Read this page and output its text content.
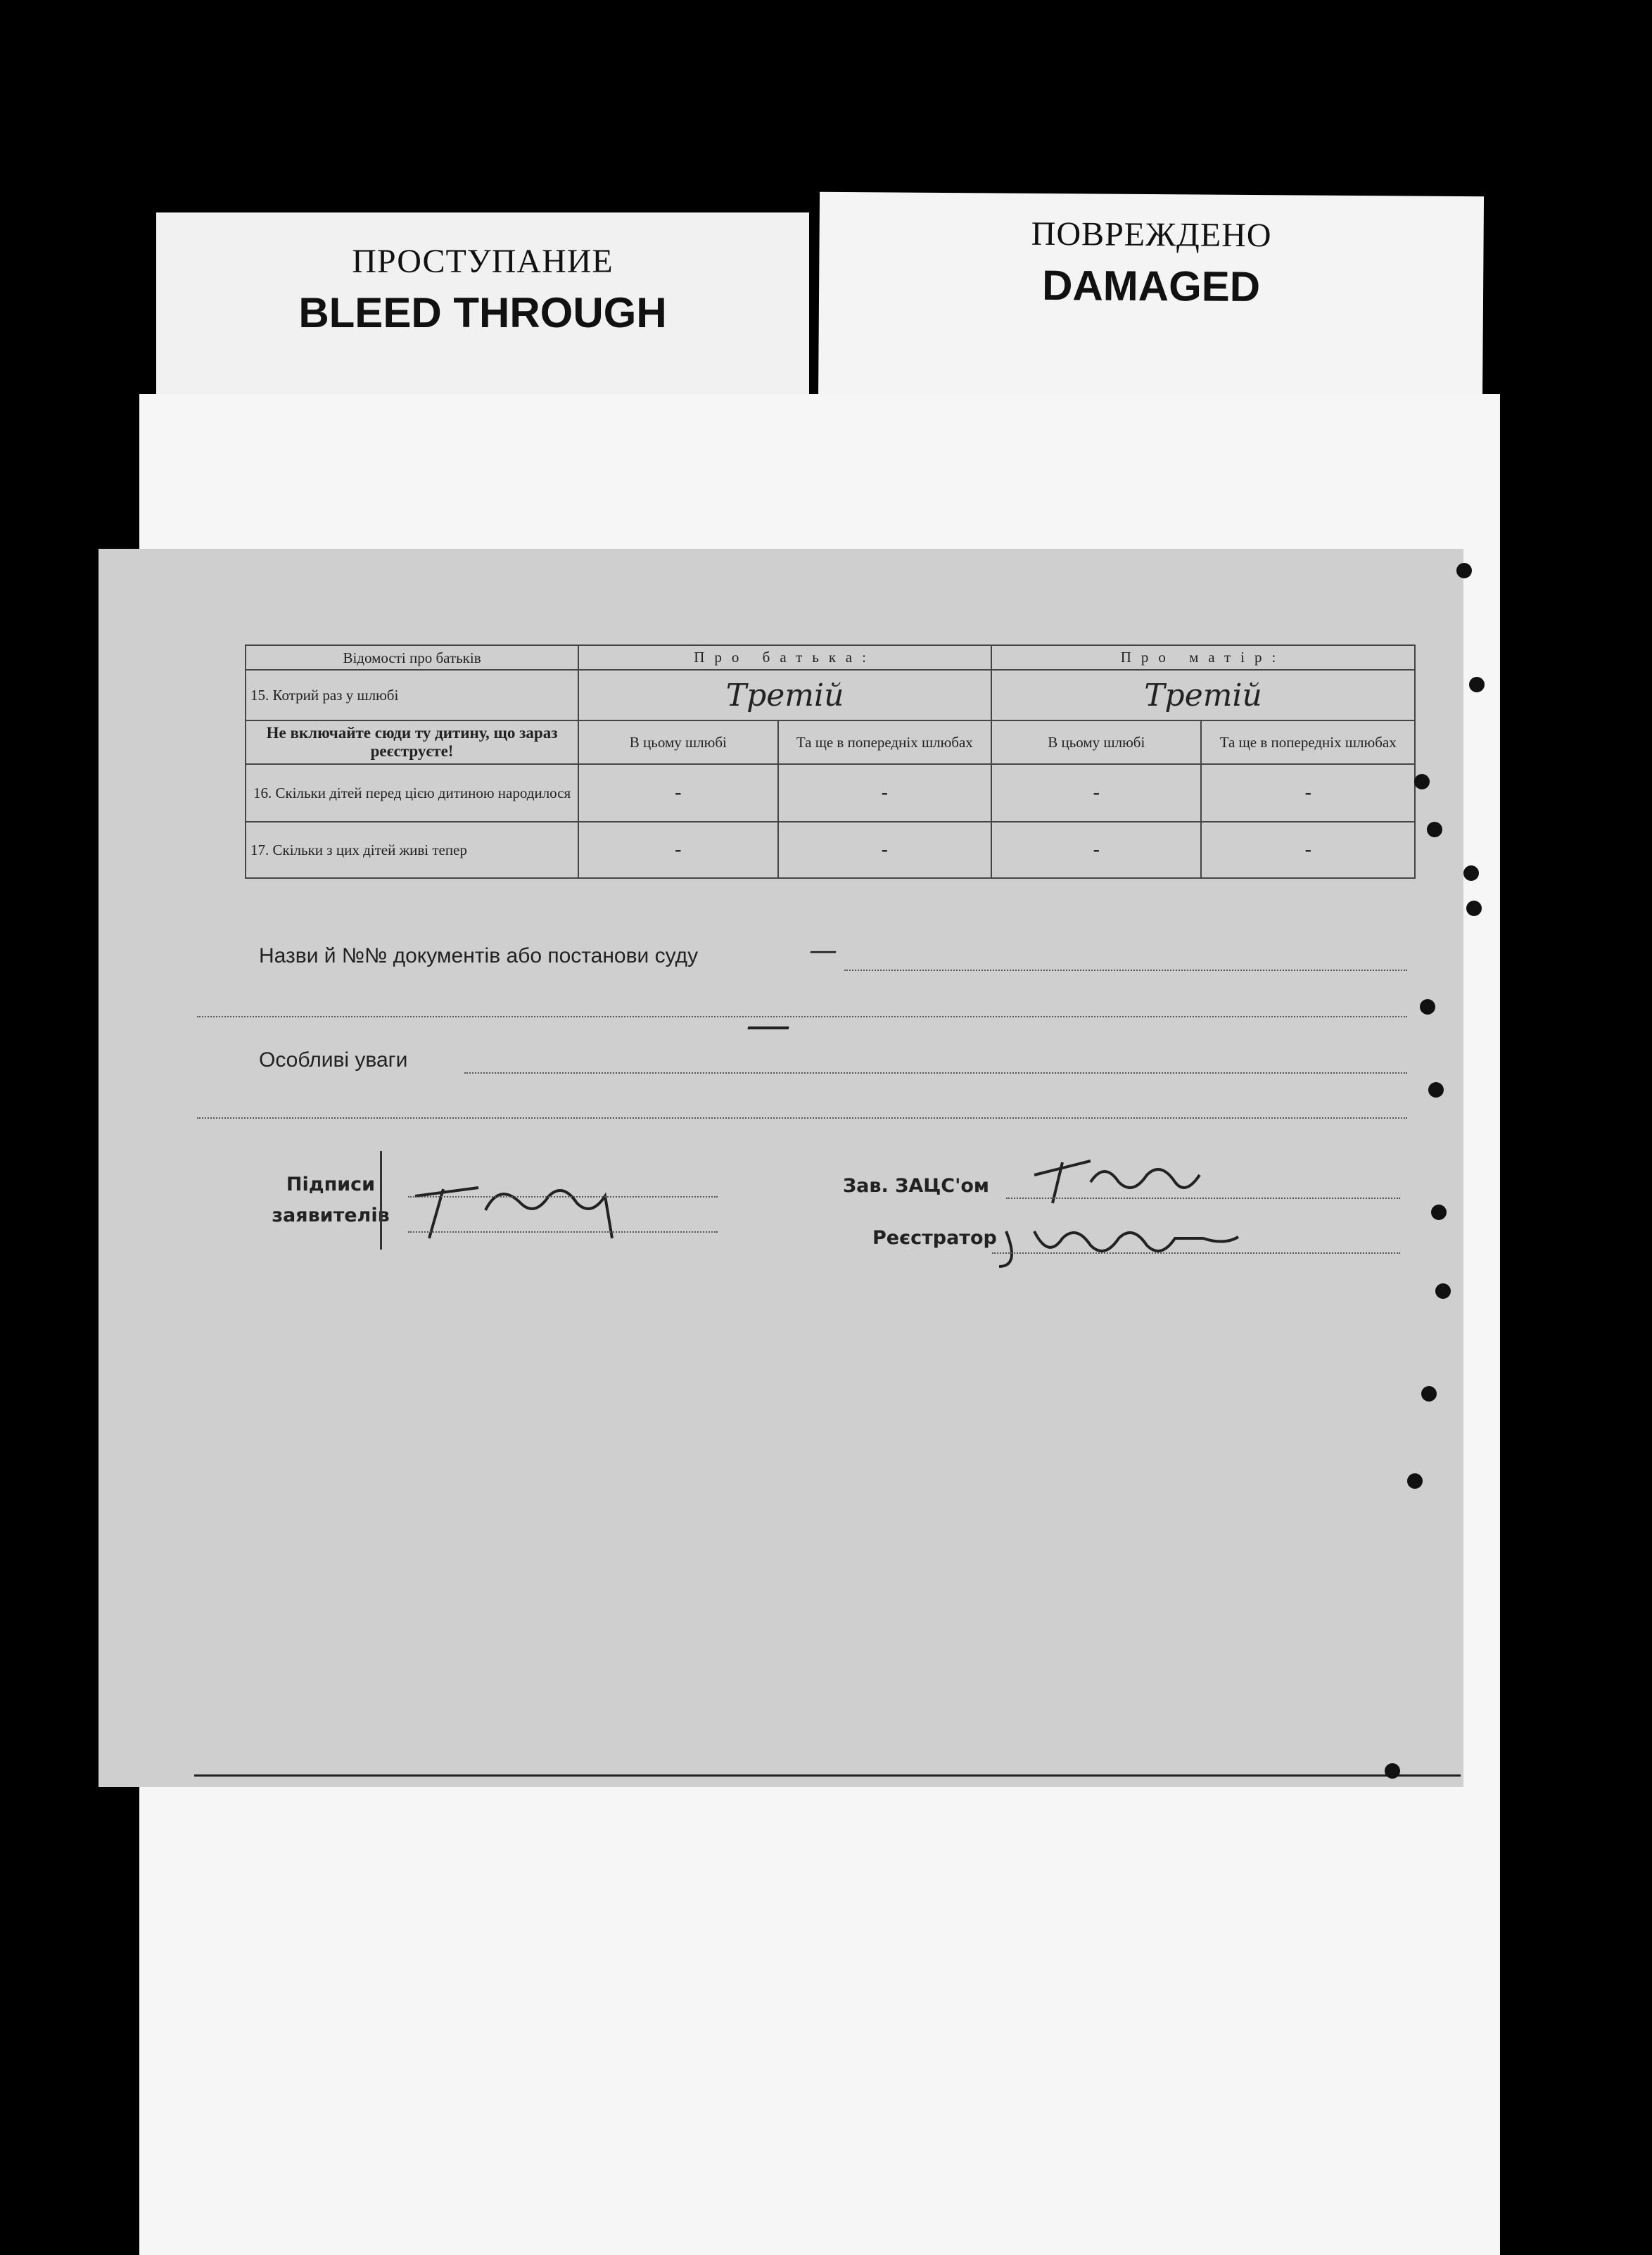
ПРОСТУПАНИЕ
BLEED THROUGH
ПОВРЕЖДЕНО
DAMAGED
Відомості про батьків	Про батька:		Про матір:	
15. Котрий раз у шлюбі	Третій		Третій	
Не включайте сюди ту дитину, що зараз реєструєте!	В цьому шлюбі	Та ще в попередніх шлюбах	В цьому шлюбі	Та ще в попередніх шлюбах
16. Скільки дітей перед цією дитиною народилося	-	-	-	-
17. Скільки з цих дітей живі тепер	-	-	-	-
Назви й №№ документів або постанови суду	—
Особливі уваги
—
Підписи
заявителів
Зав. ЗАЦС'ом
Реєстратор
